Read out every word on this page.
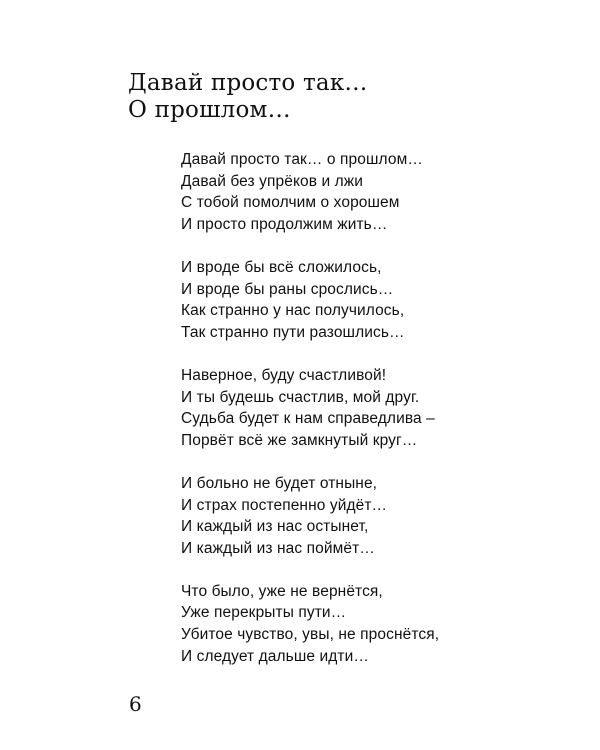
Давай просто так…
О прошлом…
Давай просто так… о прошлом…
Давай без упрёков и лжи
С тобой помолчим о хорошем
И просто продолжим жить…
И вроде бы всё сложилось,
И вроде бы раны срослись…
Как странно у нас получилось,
Так странно пути разошлись…
Наверное, буду счастливой!
И ты будешь счастлив, мой друг.
Судьба будет к нам справедлива –
Порвёт всё же замкнутый круг…
И больно не будет отныне,
И страх постепенно уйдёт…
И каждый из нас остынет,
И каждый из нас поймёт…
Что было, уже не вернётся,
Уже перекрыты пути…
Убитое чувство, увы, не проснётся,
И следует дальше идти…
6
